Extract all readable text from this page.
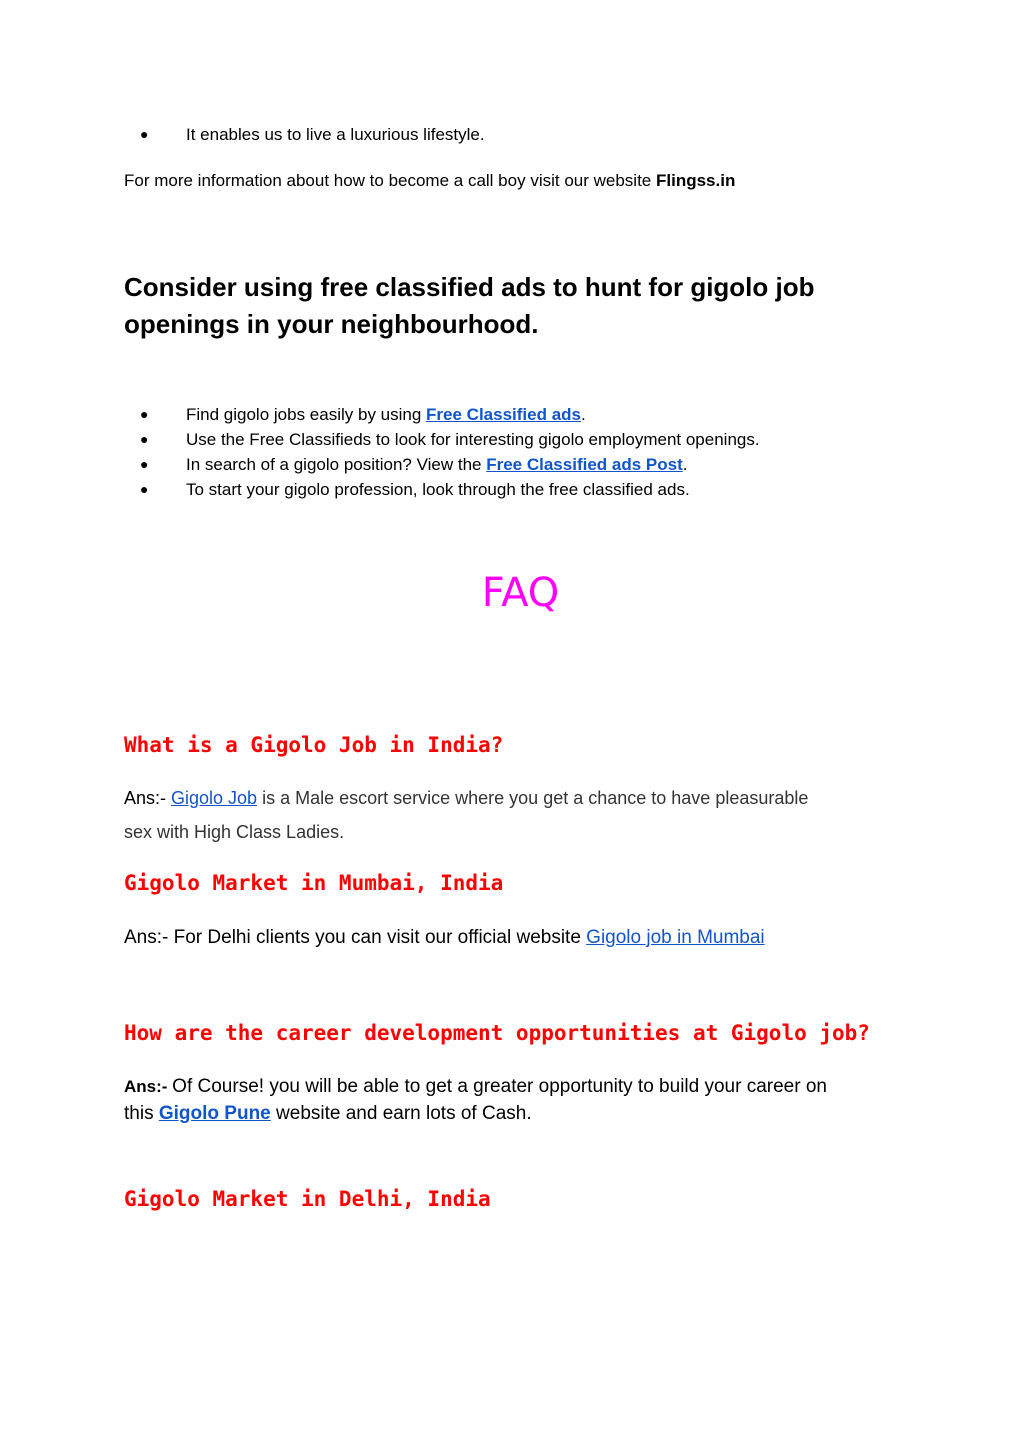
● It enables us to live a luxurious lifestyle.

For more information about how to become a call boy visit our website Flingss.in

Consider using free classified ads to hunt for gigolo job
openings in your neighbourhood.
● Find gigolo jobs easily by using Free Classified ads.
● Use the Free Classifieds to look for interesting gigolo employment openings.
● In search of a gigolo position? View the Free Classified ads Post.
● To start your gigolo profession, look through the free classified ads.
FAQ
What is a Gigolo Job in India?
Ans:- Gigolo Job is a Male escort service where you get a chance to have pleasurable
sex with High Class Ladies.
Gigolo Market in Mumbai, India
Ans:- For Delhi clients you can visit our official website Gigolo job in Mumbai
How are the career development opportunities at Gigolo job?
Ans:- Of Course! you will be able to get a greater opportunity to build your career on
this Gigolo Pune website and earn lots of Cash.
Gigolo Market in Delhi, India
